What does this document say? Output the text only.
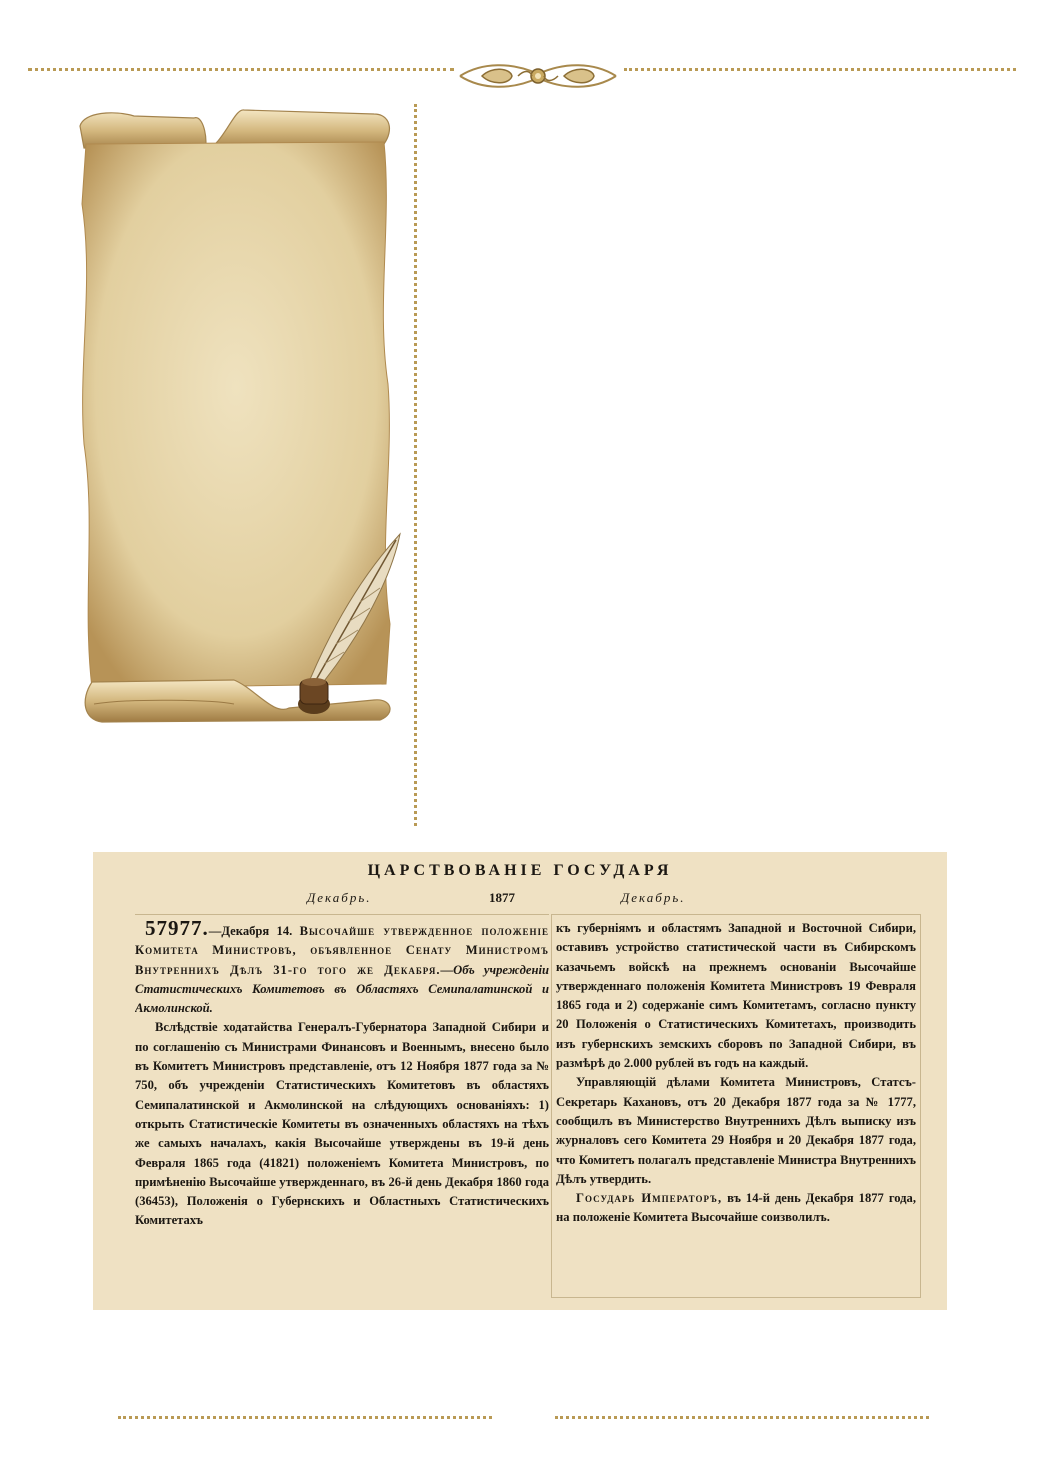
ЦАРСТВОВАНIЕ ГОСУДАРЯ
Декабрь.	1877	Декабрь.
57977.—Декабря 14. Высочайше утвержденное положенiе Комитета Министровъ, объявленное Сенату Министромъ Внутреннихъ Дѣлъ 31-го того же Декабря.—Объ учрежденiи Статистическихъ Комитетовъ въ Областяхъ Семипалатинской и Акмолинской.
Вслѣдствiе ходатайства Генералъ-Губернатора Западной Сибири и по соглашенiю съ Министрами Финансовъ и Военнымъ, внесено было въ Комитетъ Министровъ представленiе, отъ 12 Ноября 1877 года за № 750, объ учрежденiи Статистическихъ Комитетовъ въ областяхъ Семипалатинской и Акмолинской на слѣдующихъ основанiяхъ: 1) открыть Статистическiе Комитеты въ означенныхъ областяхъ на тѣхъ же самыхъ началахъ, какiя Высочайше утверждены въ 19-й день Февраля 1865 года (41821) положенiемъ Комитета Министровъ, по примѣненiю Высочайше утвержденнаго, въ 26-й день Декабря 1860 года (36453), Положенiя о Губернскихъ и Областныхъ Статистическихъ Комитетахъ
къ губернiямъ и областямъ Западной и Восточной Сибири, оставивъ устройство статистической части въ Сибирскомъ казачьемъ войскѣ на прежнемъ основанiи Высочайше утвержденнаго положенiя Комитета Министровъ 19 Февраля 1865 года и 2) содержанiе симъ Комитетамъ, согласно пункту 20 Положенiя о Статистическихъ Комитетахъ, производить изъ губернскихъ земскихъ сборовъ по Западной Сибири, въ размѣрѣ до 2.000 рублей въ годъ на каждый.
Управляющiй дѣлами Комитета Министровъ, Статсъ-Секретарь Кахановъ, отъ 20 Декабря 1877 года за № 1777, сообщилъ въ Министерство Внутреннихъ Дѣлъ выписку изъ журналовъ сего Комитета 29 Ноября и 20 Декабря 1877 года, что Комитетъ полагалъ представленiе Министра Внутреннихъ Дѣлъ утвердить.
Государь Императоръ, въ 14-й день Декабря 1877 года, на положенiе Комитета Высочайше соизволилъ.
